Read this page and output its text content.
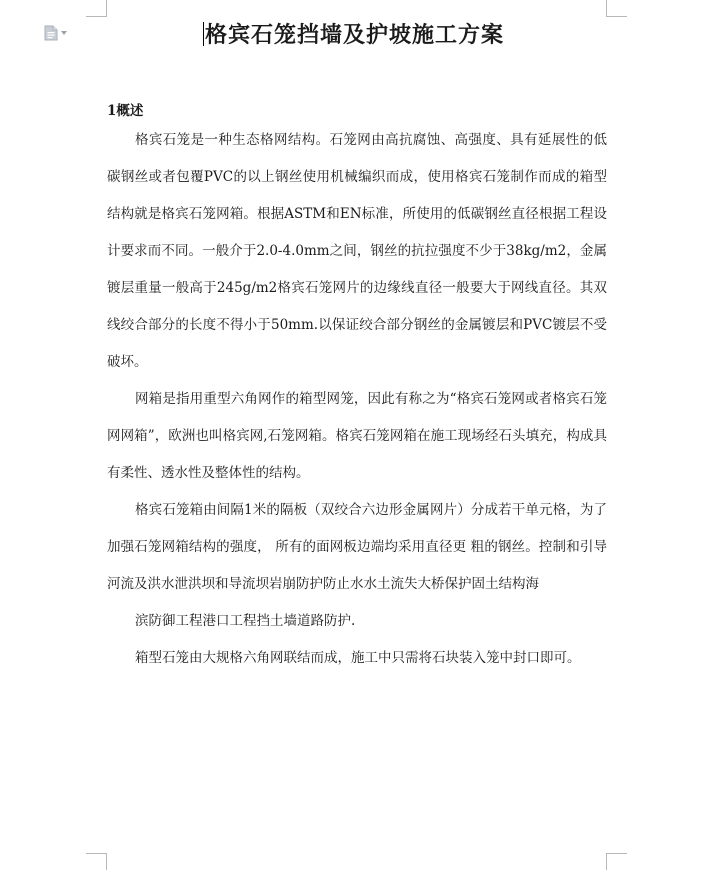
格宾石笼挡墙及护坡施工方案
1概述

格宾石笼是一种生态格网结构。石笼网由高抗腐蚀、高强度、具有延展性的低碳钢丝或者包覆PVC的以上钢丝使用机械编织而成，使用格宾石笼制作而成的箱型结构就是格宾石笼网箱。根据ASTM和EN标准，所使用的低碳钢丝直径根据工程设计要求而不同。一般介于2.0-4.0mm之间，钢丝的抗拉强度不少于38kg/m2，金属镀层重量一般高于245g/m2格宾石笼网片的边缘线直径一般要大于网线直径。其双线绞合部分的长度不得小于50mm.以保证绞合部分钢丝的金属镀层和PVC镀层不受破坏。

网箱是指用重型六角网作的箱型网笼，因此有称之为“格宾石笼网或者格宾石笼网网箱”，欧洲也叫格宾网,石笼网箱。格宾石笼网箱在施工现场经石头填充，构成具有柔性、透水性及整体性的结构。

格宾石笼箱由间隔1米的隔板（双绞合六边形金属网片）分成若干单元格，为了加强石笼网箱结构的强度， 所有的面网板边端均采用直径更 粗的钢丝。控制和引导河流及洪水泄洪坝和导流坝岩崩防护防止水水土流失大桥保护固土结构海

滨防御工程港口工程挡土墙道路防护.

箱型石笼由大规格六角网联结而成，施工中只需将石块装入笼中封口即可。
